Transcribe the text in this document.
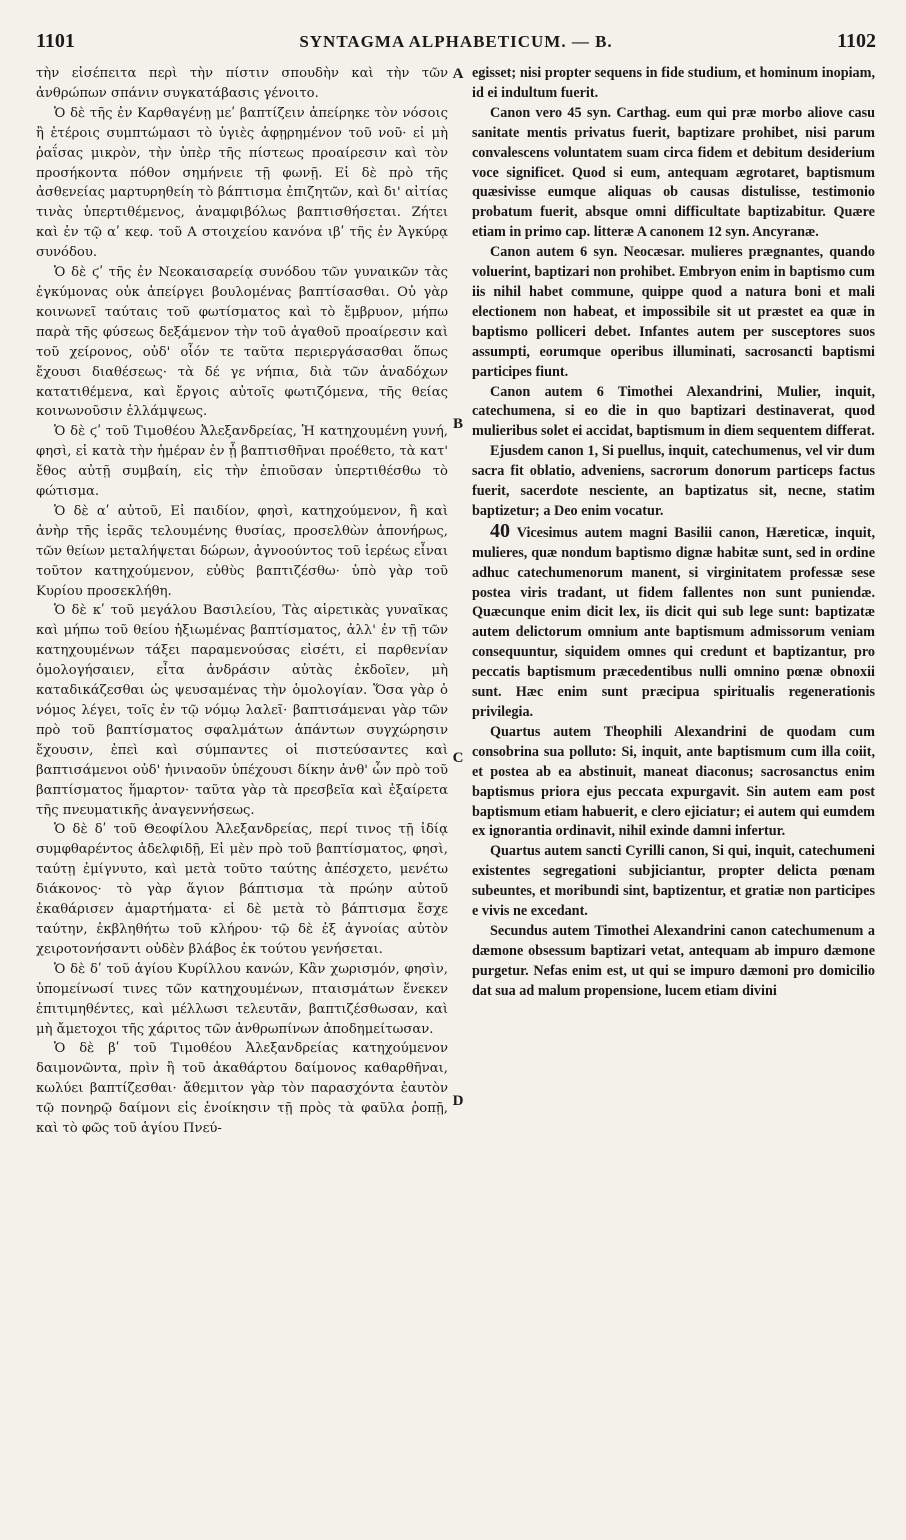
1101	SYNTAGMA ALPHABETICUM. — B.	1102
A
B
C
D

τὴν εἰσέπειτα περὶ τὴν πίστιν σπουδὴν καὶ τὴν τῶν ἀνθρώπων σπάνιν συγκατάβασις γένοιτο.

Ὁ δὲ τῆς ἐν Καρθαγένῃ μεʹ βαπτίζειν ἀπείρηκε τὸν νόσοις ἢ ἑτέροις συμπτώμασι τὸ ὑγιὲς ἀφῃρημένον τοῦ νοῦ· εἰ μὴ ῥαΐσας μικρὸν, τὴν ὑπὲρ τῆς πίστεως προαίρεσιν καὶ τὸν προσήκοντα πόθον σημήνειε τῇ φωνῇ. Εἰ δὲ πρὸ τῆς ἀσθενείας μαρτυρηθείη τὸ βάπτισμα ἐπιζητῶν, καὶ δι' αἰτίας τινὰς ὑπερτιθέμενος, ἀναμφιβόλως βαπτισθήσεται. Ζήτει καὶ ἐν τῷ αʹ κεφ. τοῦ Α στοιχείου κανόνα ιβʹ τῆς ἐν Ἀγκύρᾳ συνόδου.

Ὁ δὲ ϛʹ τῆς ἐν Νεοκαισαρείᾳ συνόδου τῶν γυναικῶν τὰς ἐγκύμονας οὐκ ἀπείργει βουλομένας βαπτίσασθαι. Οὐ γὰρ κοινωνεῖ ταύταις τοῦ φωτίσματος καὶ τὸ ἔμβρυον, μήπω παρὰ τῆς φύσεως δεξάμενον τὴν τοῦ ἀγαθοῦ προαίρεσιν καὶ τοῦ χείρονος, οὐδ' οἷόν τε ταῦτα περιεργάσασθαι ὅπως ἔχουσι διαθέσεως· τὰ δέ γε νήπια, διὰ τῶν ἀναδόχων κατατιθέμενα, καὶ ἔργοις αὐτοῖς φωτιζόμενα, τῆς θείας κοινωνοῦσιν ἐλλάμψεως.

Ὁ δὲ ϛʹ τοῦ Τιμοθέου Ἀλεξανδρείας, Ἡ κατηχουμένη γυνή, φησὶ, εἰ κατὰ τὴν ἡμέραν ἐν ᾗ βαπτισθῆναι προέθετο, τὰ κατ' ἔθος αὐτῇ συμβαίη, εἰς τὴν ἐπιοῦσαν ὑπερτιθέσθω τὸ φώτισμα.

Ὁ δὲ αʹ αὐτοῦ, Εἰ παιδίον, φησὶ, κατηχούμενον, ἢ καὶ ἀνὴρ τῆς ἱερᾶς τελουμένης θυσίας, προσελθὼν ἀπονήρως, τῶν θείων μεταλήψεται δώρων, ἀγνοούντος τοῦ ἱερέως εἶναι τοῦτον κατηχούμενον, εὐθὺς βαπτιζέσθω· ὑπὸ γὰρ τοῦ Κυρίου προσεκλήθη.

Ὁ δὲ κʹ τοῦ μεγάλου Βασιλείου, Τὰς αἱρετικὰς γυναῖκας καὶ μήπω τοῦ θείου ἠξιωμένας βαπτίσματος, ἀλλ' ἐν τῇ τῶν κατηχουμένων τάξει παραμενούσας εἰσέτι, εἰ παρθενίαν ὁμολογήσαιεν, εἶτα ἀνδράσιν αὐτὰς ἐκδοῖεν, μὴ καταδικάζεσθαι ὡς ψευσαμένας τὴν ὁμολογίαν. Ὅσα γὰρ ὁ νόμος λέγει, τοῖς ἐν τῷ νόμῳ λαλεῖ· βαπτισάμεναι γὰρ τῶν πρὸ τοῦ βαπτίσματος σφαλμάτων ἁπάντων συγχώρησιν ἔχουσιν, ἐπεὶ καὶ σύμπαντες οἱ πιστεύσαντες καὶ βαπτισάμενοι οὐδ' ἠνιναοῦν ὑπέχουσι δίκην ἀνθ' ὧν πρὸ τοῦ βαπτίσματος ἥμαρτον· ταῦτα γὰρ τὰ πρεσβεῖα καὶ ἐξαίρετα τῆς πνευματικῆς ἀναγεννήσεως.

Ὁ δὲ δʹ τοῦ Θεοφίλου Ἀλεξανδρείας, περί τινος τῇ ἰδίᾳ συμφθαρέντος ἀδελφιδῇ, Εἰ μὲν πρὸ τοῦ βαπτίσματος, φησὶ, ταύτῃ ἐμίγνυτο, καὶ μετὰ τοῦτο ταύτης ἀπέσχετο, μενέτω διάκονος· τὸ γὰρ ἅγιον βάπτισμα τὰ πρώην αὐτοῦ ἐκαθάρισεν ἁμαρτήματα· εἰ δὲ μετὰ τὸ βάπτισμα ἔσχε ταύτην, ἐκβληθήτω τοῦ κλήρου· τῷ δὲ ἐξ ἀγνοίας αὐτὸν χειροτονήσαντι οὐδὲν βλάβος ἐκ τούτου γενήσεται.

Ὁ δὲ δʹ τοῦ ἁγίου Κυρίλλου κανών, Κἂν χωρισμόν, φησὶν, ὑπομείνωσί τινες τῶν κατηχουμένων, πταισμάτων ἕνεκεν ἐπιτιμηθέντες, καὶ μέλλωσι τελευτᾶν, βαπτιζέσθωσαν, καὶ μὴ ἄμετοχοι τῆς χάριτος τῶν ἀνθρωπίνων ἀποδημείτωσαν.

Ὁ δὲ βʹ τοῦ Τιμοθέου Ἀλεξανδρείας κατηχούμενον δαιμονῶντα, πρὶν ἢ τοῦ ἀκαθάρτου δαίμονος καθαρθῆναι, κωλύει βαπτίζεσθαι· ἄθεμιτον γὰρ τὸν παρασχόντα ἑαυτὸν τῷ πονηρῷ δαίμονι εἰς ἐνοίκησιν τῇ πρὸς τὰ φαῦλα ῥοπῇ, καὶ τὸ φῶς τοῦ ἁγίου Πνεύ-

egisset; nisi propter sequens in fide studium, et hominum inopiam, id ei indultum fuerit.

Canon vero 45 syn. Carthag. eum qui præ morbo aliove casu sanitate mentis privatus fuerit, baptizare prohibet, nisi parum convalescens voluntatem suam circa fidem et debitum desiderium voce significet. Quod si eum, antequam ægrotaret, baptismum quæsivisse eumque aliquas ob causas distulisse, testimonio probatum fuerit, absque omni difficultate baptizabitur. Quære etiam in primo cap. litteræ A canonem 12 syn. Ancyranæ.

Canon autem 6 syn. Neocæsar. mulieres prægnantes, quando voluerint, baptizari non prohibet. Embryon enim in baptismo cum iis nihil habet commune, quippe quod a natura boni et mali electionem non habeat, et impossibile sit ut præstet ea quæ in baptismo polliceri debet. Infantes autem per susceptores suos assumpti, eorumque operibus illuminati, sacrosancti baptismi participes fiunt.

Canon autem 6 Timothei Alexandrini, Mulier, inquit, catechumena, si eo die in quo baptizari destinaverat, quod mulieribus solet ei accidat, baptismum in diem sequentem differat.

Ejusdem canon 1, Si puellus, inquit, catechumenus, vel vir dum sacra fit oblatio, adveniens, sacrorum donorum particeps factus fuerit, sacerdote nesciente, an baptizatus sit, necne, statim baptizetur; a Deo enim vocatur.

40 Vicesimus autem magni Basilii canon, Hæreticæ, inquit, mulieres, quæ nondum baptismo dignæ habitæ sunt, sed in ordine adhuc catechumenorum manent, si virginitatem professæ sese postea viris tradant, ut fidem fallentes non sunt puniendæ. Quæcunque enim dicit lex, iis dicit qui sub lege sunt: baptizatæ autem delictorum omnium ante baptismum admissorum veniam consequuntur, siquidem omnes qui credunt et baptizantur, pro peccatis baptismum præcedentibus nulli omnino pœnæ obnoxii sunt. Hæc enim sunt præcipua spiritualis regenerationis privilegia.

Quartus autem Theophili Alexandrini de quodam cum consobrina sua polluto: Si, inquit, ante baptismum cum illa coiit, et postea ab ea abstinuit, maneat diaconus; sacrosanctus enim baptismus priora ejus peccata expurgavit. Sin autem eam post baptismum etiam habuerit, e clero ejiciatur; ei autem qui eumdem ex ignorantia ordinavit, nihil exinde damni infertur.

Quartus autem sancti Cyrilli canon, Si qui, inquit, catechumeni existentes segregationi subjiciantur, propter delicta pœnam subeuntes, et moribundi sint, baptizentur, et gratiæ non participes e vivis ne excedant.

Secundus autem Timothei Alexandrini canon catechumenum a dæmone obsessum baptizari vetat, antequam ab impuro dæmone purgetur. Nefas enim est, ut qui se impuro dæmoni pro domicilio dat sua ad malum propensione, lucem etiam divini
